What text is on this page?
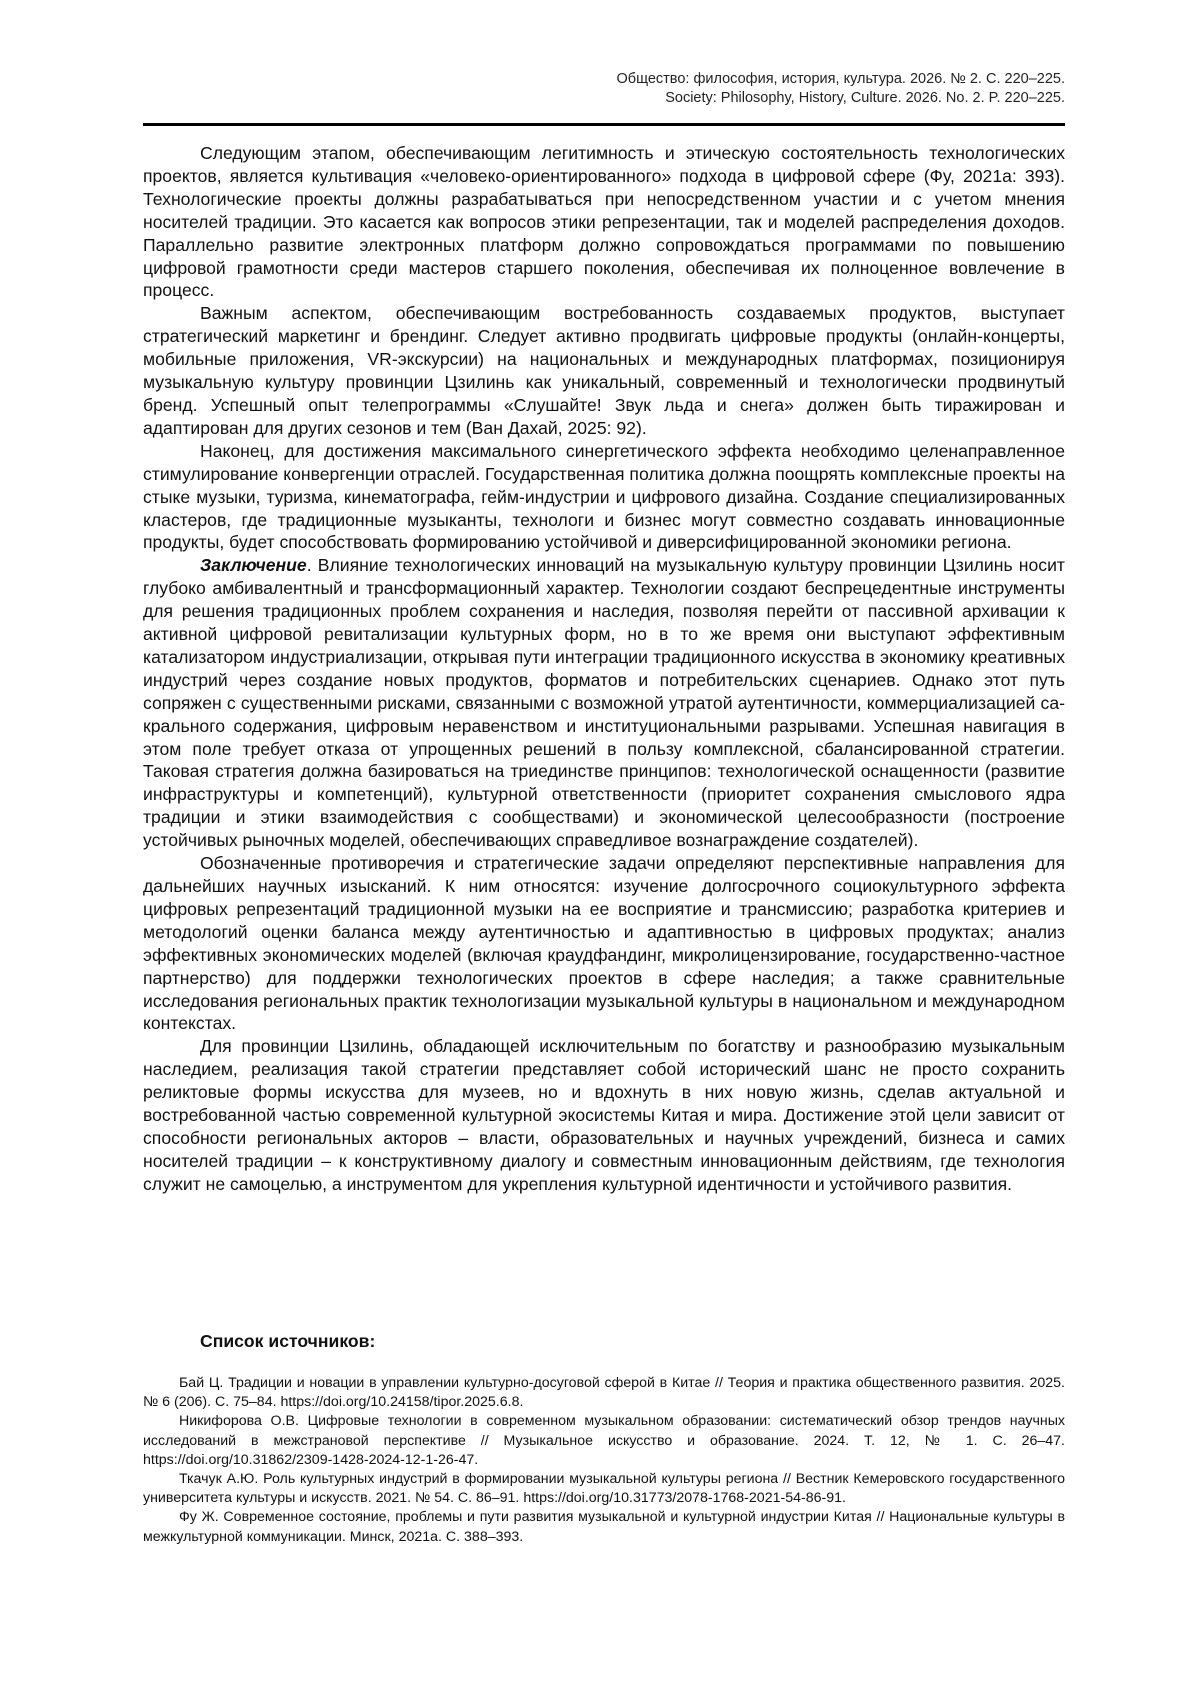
Общество: философия, история, культура. 2026. № 2. С. 220–225.
Society: Philosophy, History, Culture. 2026. No. 2. P. 220–225.

Следующим этапом, обеспечивающим легитимность и этическую состоятельность технологических проектов, является культивация «человеко-ориентированного» подхода в цифровой сфере (Фу, 2021a: 393). Технологические проекты должны разрабатываться при непосредственном участии и с учетом мнения носителей традиции. Это касается как вопросов этики репрезентации, так и моделей распределения доходов. Параллельно развитие электронных платформ должно сопровождаться программами по повышению цифровой грамотности среди мастеров старшего поколения, обеспечивая их полноценное вовлечение в процесс.

Важным аспектом, обеспечивающим востребованность создаваемых продуктов, выступает стратегический маркетинг и брендинг. Следует активно продвигать цифровые продукты (онлайн-концерты, мобильные приложения, VR-экскурсии) на национальных и международных платформах, позиционируя музыкальную культуру провинции Цзилинь как уникальный, современный и технологически продвинутый бренд. Успешный опыт телепрограммы «Слушайте! Звук льда и снега» должен быть тиражирован и адаптирован для других сезонов и тем (Ван Дахай, 2025: 92).

Наконец, для достижения максимального синергетического эффекта необходимо целенаправленное стимулирование конвергенции отраслей. Государственная политика должна поощрять комплексные проекты на стыке музыки, туризма, кинематографа, гейм-индустрии и цифрового дизайна. Создание специализированных кластеров, где традиционные музыканты, технологи и бизнес могут совместно создавать инновационные продукты, будет способствовать формированию устойчивой и диверсифицированной экономики региона.

Заключение. Влияние технологических инноваций на музыкальную культуру провинции Цзилинь носит глубоко амбивалентный и трансформационный характер. Технологии создают беспрецедентные инструменты для решения традиционных проблем сохранения и наследия, позволяя перейти от пассивной архивации к активной цифровой ревитализации культурных форм, но в то же время они выступают эффективным катализатором индустриализации, открывая пути интеграции традиционного искусства в экономику креативных индустрий через создание новых продуктов, форматов и потребительских сценариев. Однако этот путь сопряжен с существенными рисками, связанными с возможной утратой аутентичности, коммерциализацией сакрального содержания, цифровым неравенством и институциональными разрывами. Успешная навигация в этом поле требует отказа от упрощенных решений в пользу комплексной, сбалансированной стратегии. Таковая стратегия должна базироваться на триединстве принципов: технологической оснащенности (развитие инфраструктуры и компетенций), культурной ответственности (приоритет сохранения смыслового ядра традиции и этики взаимодействия с сообществами) и экономической целесообразности (построение устойчивых рыночных моделей, обеспечивающих справедливое вознаграждение создателей).

Обозначенные противоречия и стратегические задачи определяют перспективные направления для дальнейших научных изысканий. К ним относятся: изучение долгосрочного социокультурного эффекта цифровых репрезентаций традиционной музыки на ее восприятие и трансмиссию; разработка критериев и методологий оценки баланса между аутентичностью и адаптивностью в цифровых продуктах; анализ эффективных экономических моделей (включая краудфандинг, микролицензирование, государственно-частное партнерство) для поддержки технологических проектов в сфере наследия; а также сравнительные исследования региональных практик технологизации музыкальной культуры в национальном и международном контекстах.

Для провинции Цзилинь, обладающей исключительным по богатству и разнообразию музыкальным наследием, реализация такой стратегии представляет собой исторический шанс не просто сохранить реликтовые формы искусства для музеев, но и вдохнуть в них новую жизнь, сделав актуальной и востребованной частью современной культурной экосистемы Китая и мира. Достижение этой цели зависит от способности региональных акторов – власти, образовательных и научных учреждений, бизнеса и самих носителей традиции – к конструктивному диалогу и совместным инновационным действиям, где технология служит не самоцелью, а инструментом для укрепления культурной идентичности и устойчивого развития.

Список источников:

Бай Ц. Традиции и новации в управлении культурно-досуговой сферой в Китае // Теория и практика общественного развития. 2025. № 6 (206). С. 75–84. https://doi.org/10.24158/tipor.2025.6.8.

Никифорова О.В. Цифровые технологии в современном музыкальном образовании: систематический обзор трендов научных исследований в межстрановой перспективе // Музыкальное искусство и образование. 2024. Т. 12, № 1. С. 26–47. https://doi.org/10.31862/2309-1428-2024-12-1-26-47.

Ткачук А.Ю. Роль культурных индустрий в формировании музыкальной культуры региона // Вестник Кемеровского государственного университета культуры и искусств. 2021. № 54. С. 86–91. https://doi.org/10.31773/2078-1768-2021-54-86-91.

Фу Ж. Современное состояние, проблемы и пути развития музыкальной и культурной индустрии Китая // Национальные культуры в межкультурной коммуникации. Минск, 2021а. С. 388–393.
